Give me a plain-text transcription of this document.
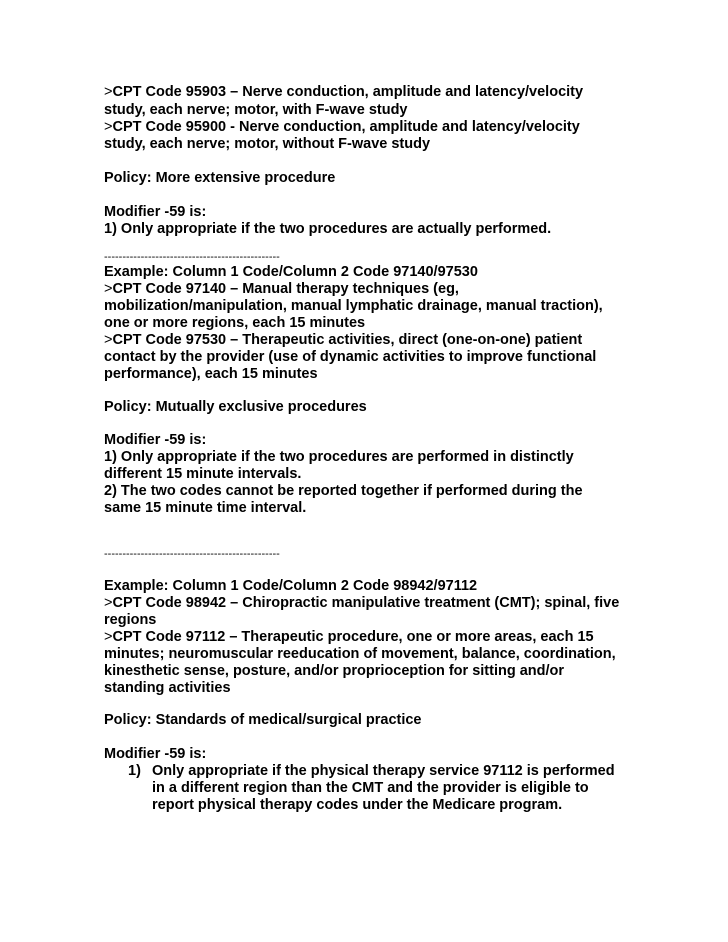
>CPT Code 95903 – Nerve conduction, amplitude and latency/velocity
study, each nerve; motor, with F-wave study
>CPT Code 95900 - Nerve conduction, amplitude and latency/velocity
study, each nerve; motor, without F-wave study
Policy: More extensive procedure
Modifier -59 is:
1) Only appropriate if the two procedures are actually performed.
------------------------------------------------
Example: Column 1 Code/Column 2 Code 97140/97530
>CPT Code 97140 – Manual therapy techniques (eg,
mobilization/manipulation, manual lymphatic drainage, manual traction),
one or more regions, each 15 minutes
>CPT Code 97530 – Therapeutic activities, direct (one-on-one) patient
contact by the provider (use of dynamic activities to improve functional
performance), each 15 minutes
Policy: Mutually exclusive procedures
Modifier -59 is:
1) Only appropriate if the two procedures are performed in distinctly
different 15 minute intervals.
2) The two codes cannot be reported together if performed during the
same 15 minute time interval.
------------------------------------------------
Example: Column 1 Code/Column 2 Code 98942/97112
>CPT Code 98942 – Chiropractic manipulative treatment (CMT); spinal, five
regions
>CPT Code 97112 – Therapeutic procedure, one or more areas, each 15
minutes; neuromuscular reeducation of movement, balance, coordination,
kinesthetic sense, posture, and/or proprioception for sitting and/or
standing activities
Policy: Standards of medical/surgical practice
Modifier -59 is:
1) Only appropriate if the physical therapy service 97112 is performed
in a different region than the CMT and the provider is eligible to
report physical therapy codes under the Medicare program.
